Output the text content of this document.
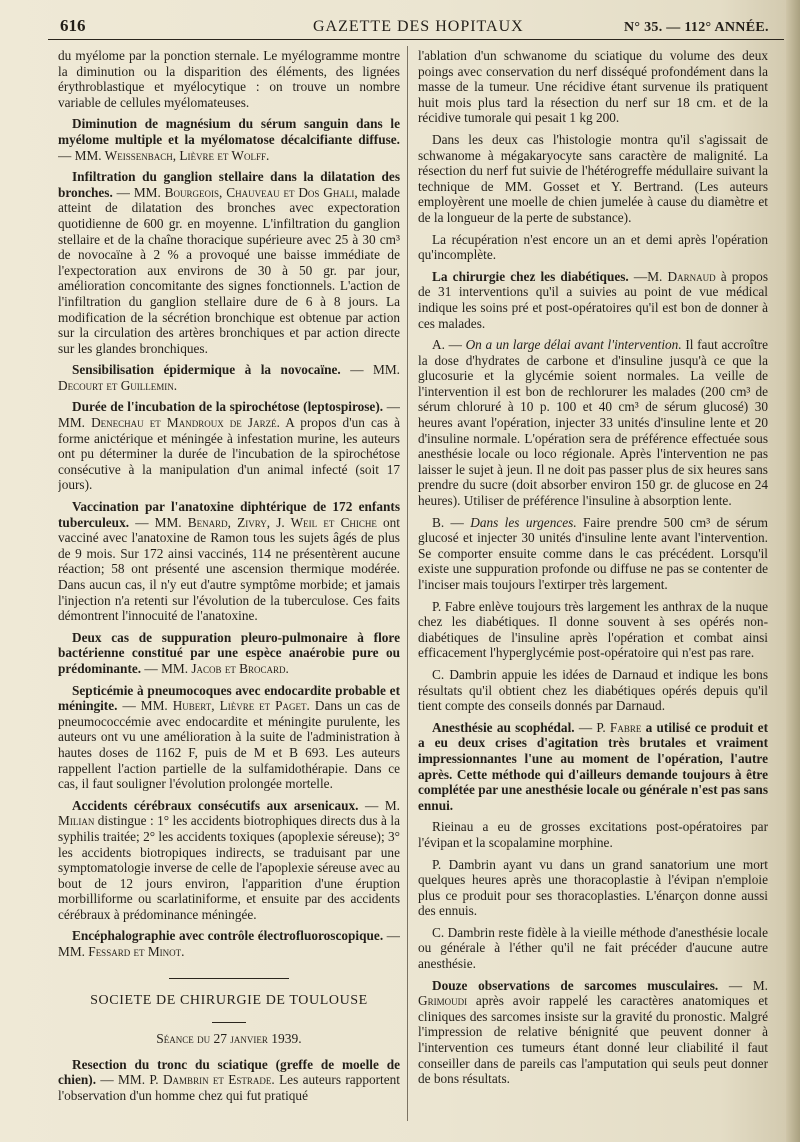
616	GAZETTE DES HOPITAUX	N° 35. — 112° ANNÉE.

du myélome par la ponction sternale. Le myélogramme montre la diminution ou la disparition des éléments, des lignées érythroblastique et myélocytique : on trouve un nombre variable de cellules myélomateuses.

Diminution de magnésium du sérum sanguin dans le myélome multiple et la myélomatose décalcifiante diffuse. — MM. Weissenbach, Lièvre et Wolff.

Infiltration du ganglion stellaire dans la dilatation des bronches. — MM. Bourgeois, Chauveau et Dos Ghali, malade atteint de dilatation des bronches avec expectoration quotidienne de 600 gr. en moyenne. L'infiltration du ganglion stellaire et de la chaîne thoracique supérieure avec 25 à 30 cm³ de novocaïne à 2 % a provoqué une baisse immédiate de l'expectoration aux environs de 30 à 50 gr. par jour, amélioration concomitante des signes fonctionnels. L'action de l'infiltration du ganglion stellaire dure de 6 à 8 jours. La modification de la sécrétion bronchique est obtenue par action sur la circulation des artères bronchiques et par action directe sur les glandes bronchiques.

Sensibilisation épidermique à la novocaïne. — MM. Decourt et Guillemin.

Durée de l'incubation de la spirochétose (leptospirose). — MM. Denechau et Mandroux de Jarzé. A propos d'un cas à forme anictérique et méningée à infestation murine, les auteurs ont pu déterminer la durée de l'incubation de la spirochétose consécutive à la manipulation d'un animal infecté (soit 17 jours).

Vaccination par l'anatoxine diphtérique de 172 enfants tuberculeux. — MM. Benard, Zivry, J. Weil et Chiche ont vacciné avec l'anatoxine de Ramon tous les sujets âgés de plus de 9 mois. Sur 172 ainsi vaccinés, 114 ne présentèrent aucune réaction; 58 ont présenté une ascension thermique modérée. Dans aucun cas, il n'y eut d'autre symptôme morbide; et jamais l'injection n'a retenti sur l'évolution de la tuberculose. Ces faits démontrent l'innocuité de l'anatoxine.

Deux cas de suppuration pleuro-pulmonaire à flore bactérienne constitué par une espèce anaérobie pure ou prédominante. — MM. Jacob et Brocard.

Septicémie à pneumocoques avec endocardite probable et méningite. — MM. Hubert, Lièvre et Paget. Dans un cas de pneumococcémie avec endocardite et méningite purulente, les auteurs ont vu une amélioration à la suite de l'administration à hautes doses de 1162 F, puis de M et B 693. Les auteurs rappellent l'action partielle de la sulfamidothérapie. Dans ce cas, il faut souligner l'évolution prolongée mortelle.

Accidents cérébraux consécutifs aux arsenicaux. — M. Milian distingue : 1° les accidents biotrophiques directs dus à la syphilis traitée; 2° les accidents toxiques (apoplexie séreuse); 3° les accidents biotropiques indirects, se traduisant par une symptomatologie inverse de celle de l'apoplexie séreuse avec au bout de 12 jours environ, l'apparition d'une éruption morbilliforme ou scarlatiniforme, et ensuite par des accidents cérébraux à prédominance méningée.

Encéphalographie avec contrôle électrofluoroscopique. — MM. Fessard et Minot.

SOCIETE DE CHIRURGIE DE TOULOUSE
Séance du 27 janvier 1939.

Resection du tronc du sciatique (greffe de moelle de chien). — MM. P. Dambrin et Estrade. Les auteurs rapportent l'observation d'un homme chez qui fut pratiqué

l'ablation d'un schwanome du sciatique du volume des deux poings avec conservation du nerf disséqué profondément dans la masse de la tumeur. Une récidive étant survenue ils pratiquent huit mois plus tard la résection du nerf sur 18 cm. et de la récidive tumorale qui pesait 1 kg 200.

Dans les deux cas l'histologie montra qu'il s'agissait de schwanome à mégakaryocyte sans caractère de malignité. La résection du nerf fut suivie de l'hétérogreffe médullaire suivant la technique de MM. Gosset et Y. Bertrand. (Les auteurs employèrent une moelle de chien jumelée à cause du diamètre et de la longueur de la perte de substance).

La récupération n'est encore un an et demi après l'opération qu'incomplète.

La chirurgie chez les diabétiques. —M. Darnaud à propos de 31 interventions qu'il a suivies au point de vue médical indique les soins pré et post-opératoires qu'il est bon de donner à ces malades.

A. — On a un large délai avant l'intervention. Il faut accroître la dose d'hydrates de carbone et d'insuline jusqu'à ce que la glucosurie et la glycémie soient normales. La veille de l'intervention il est bon de rechlorurer les malades (200 cm³ de sérum chloruré à 10 p. 100 et 40 cm³ de sérum glucosé) 30 heures avant l'opération, injecter 33 unités d'insuline lente et 20 d'insuline normale. L'opération sera de préférence effectuée sous anesthésie locale ou loco régionale. Après l'intervention ne pas laisser le sujet à jeun. Il ne doit pas passer plus de six heures sans prendre du sucre (doit absorber environ 150 gr. de glucose en 24 heures). Utiliser de préférence l'insuline à absorption lente.

B. — Dans les urgences. Faire prendre 500 cm³ de sérum glucosé et injecter 30 unités d'insuline lente avant l'intervention. Se comporter ensuite comme dans le cas précédent. Lorsqu'il existe une suppuration profonde ou diffuse ne pas se contenter de l'inciser mais toujours l'extirper très largement.

P. Fabre enlève toujours très largement les anthrax de la nuque chez les diabétiques. Il donne souvent à ses opérés non-diabétiques de l'insuline après l'opération et combat ainsi efficacement l'hyperglycémie post-opératoire qui n'est pas rare.

C. Dambrin appuie les idées de Darnaud et indique les bons résultats qu'il obtient chez les diabétiques opérés depuis qu'il tient compte des conseils donnés par Darnaud.

Anesthésie au scophédal. — P. Fabre a utilisé ce produit et a eu deux crises d'agitation très brutales et vraiment impressionnantes l'une au moment de l'opération, l'autre après. Cette méthode qui d'ailleurs demande toujours à être complétée par une anesthésie locale ou générale n'est pas sans ennui.

Rieinau a eu de grosses excitations post-opératoires par l'évipan et la scopalamine morphine.

P. Dambrin ayant vu dans un grand sanatorium une mort quelques heures après une thoracoplastie à l'évipan n'emploie plus ce produit pour ses thoracoplasties. L'énarçon donne aussi des ennuis.

C. Dambrin reste fidèle à la vieille méthode d'anesthésie locale ou générale à l'éther qu'il ne fait précéder d'aucune autre anesthésie.

Douze observations de sarcomes musculaires. — M. Grimoudi après avoir rappelé les caractères anatomiques et cliniques des sarcomes insiste sur la gravité du pronostic. Malgré l'impression de relative bénignité que peuvent donner à l'intervention ces tumeurs étant donné leur cliabilité il faut conseiller dans de pareils cas l'amputation qui seuls peut donner de bons résultats.
